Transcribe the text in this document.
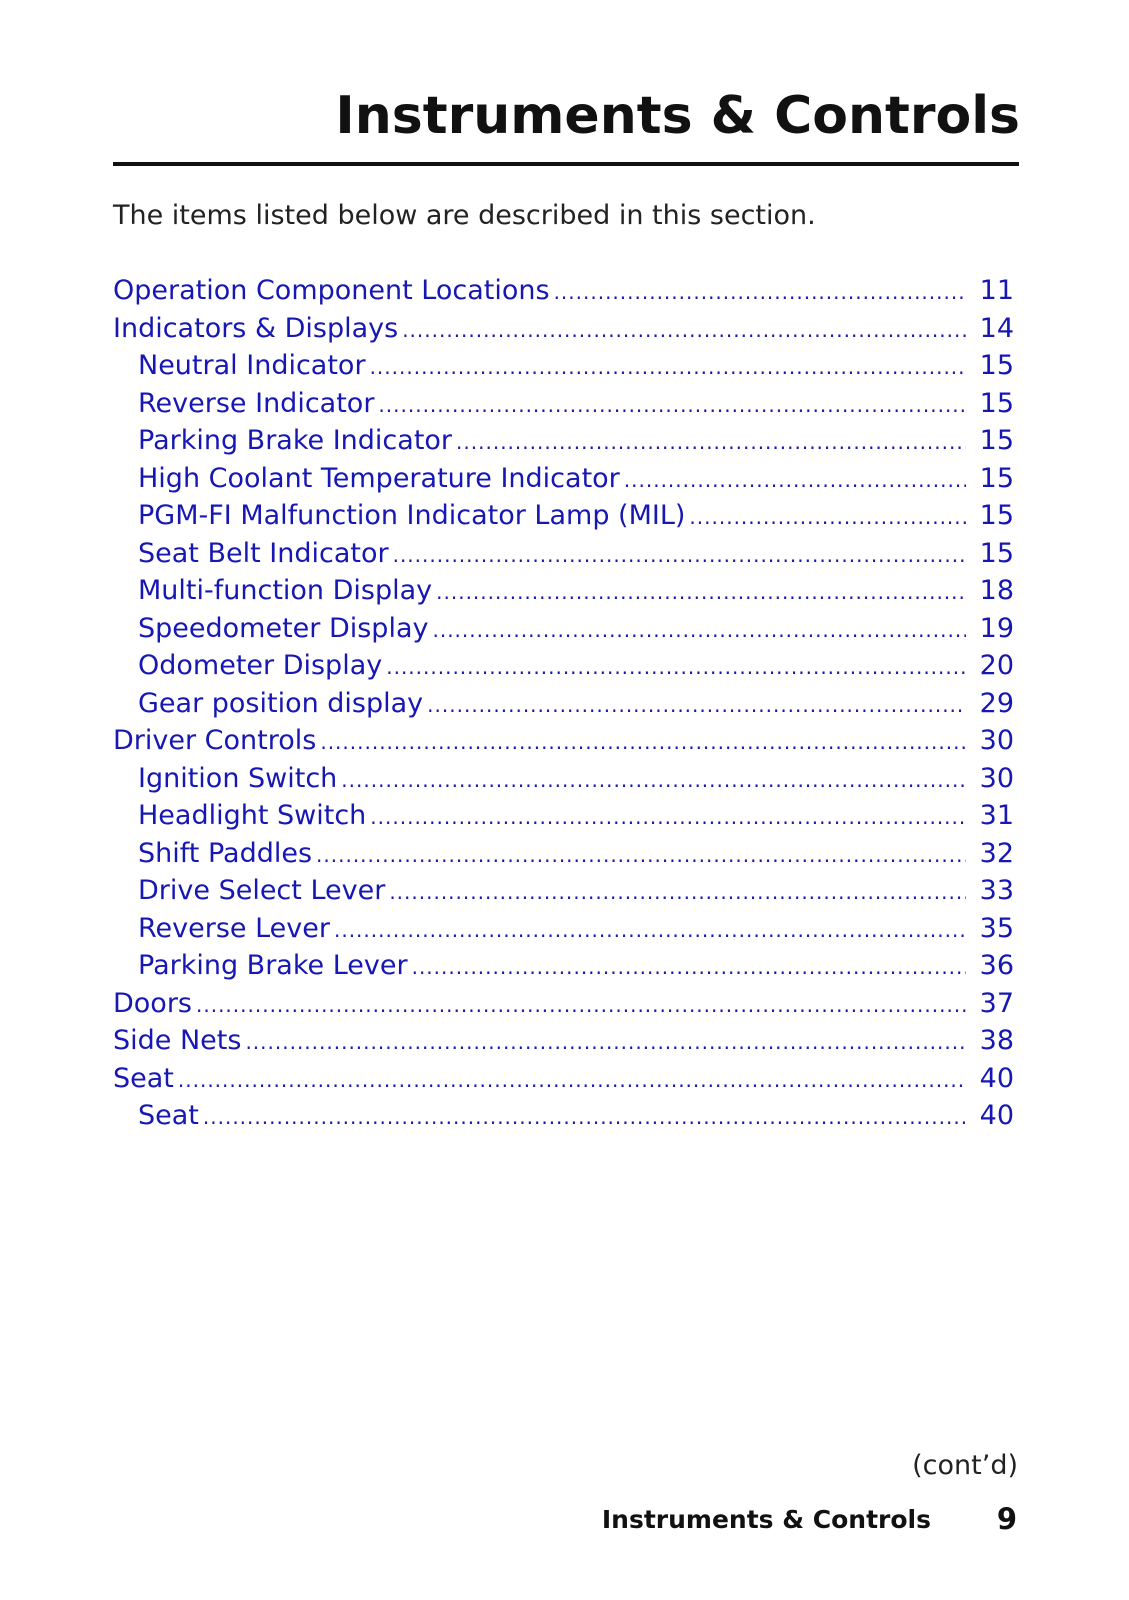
Instruments & Controls

The items listed below are described in this section.

Operation Component Locations .....	11
Indicators & Displays .....	14
Neutral Indicator .....	15
Reverse Indicator .....	15
Parking Brake Indicator .....	15
High Coolant Temperature Indicator .....	15
PGM-FI Malfunction Indicator Lamp (MIL) .....	15
Seat Belt Indicator .....	15
Multi-function Display .....	18
Speedometer Display .....	19
Odometer Display .....	20
Gear position display .....	29
Driver Controls .....	30
Ignition Switch .....	30
Headlight Switch .....	31
Shift Paddles .....	32
Drive Select Lever .....	33
Reverse Lever .....	35
Parking Brake Lever .....	36
Doors .....	37
Side Nets .....	38
Seat .....	40
Seat .....	40

(cont’d)

Instruments & Controls 9
